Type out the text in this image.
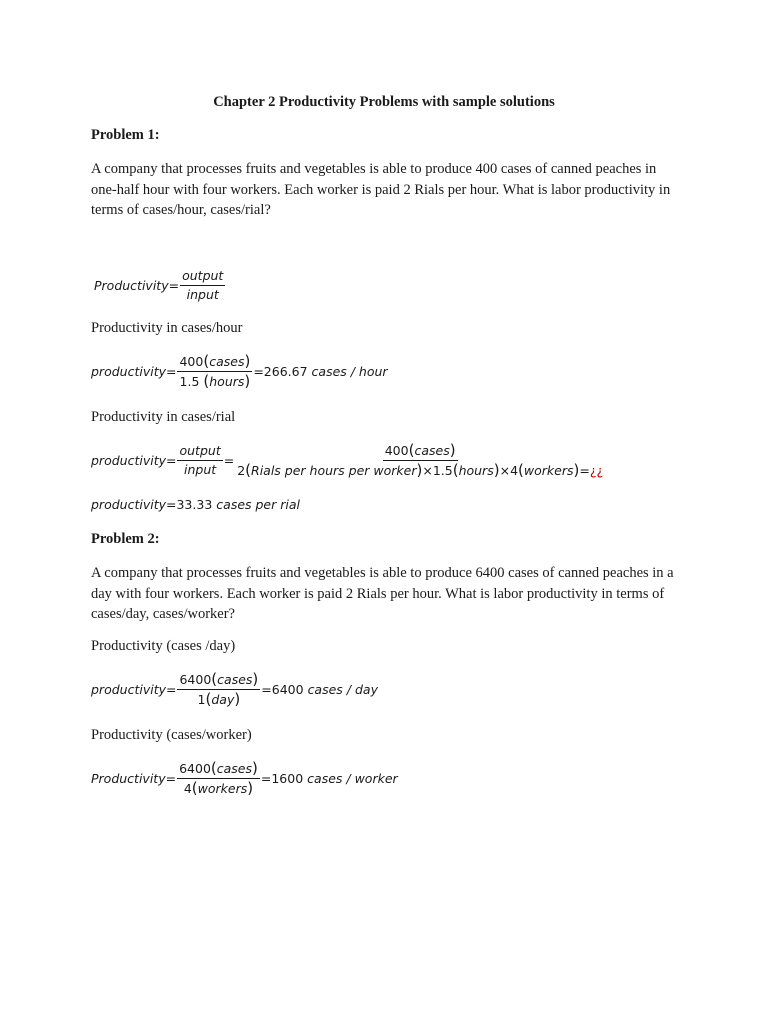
Chapter 2 Productivity Problems with sample solutions
Problem 1:
A company that processes fruits and vegetables is able to produce 400 cases of canned peaches in one-half hour with four workers. Each worker is paid 2 Rials per hour. What is labor productivity in terms of cases/hour, cases/rial?
Productivity = $\frac{\text{output}}{\text{input}}$
Productivity in cases/hour
productivity = $\frac{\text{400(cases)}}{\text{1.5 (hours)}} =266.67$ cases / hour
Productivity in cases/rial
productivity = $\frac{\text{output}}{\text{input}} = \frac{\text{400(cases)}}{\text{2(Rials per hours per worker)×1.5(hours)×4(workers)=¿¿}}$
productivity = 33.33 cases per rial
Problem 2:
A company that processes fruits and vegetables is able to produce 6400 cases of canned peaches in a day with four workers. Each worker is paid 2 Rials per hour. What is labor productivity in terms of cases/day, cases/worker?
Productivity (cases /day)
productivity = $\frac{\text{6400(cases)}}{\text{1(day)}} =6400$ cases / day
Productivity (cases/worker)
Productivity = $\frac{\text{6400(cases)}}{\text{4(workers)}} =1600$ cases / worker
